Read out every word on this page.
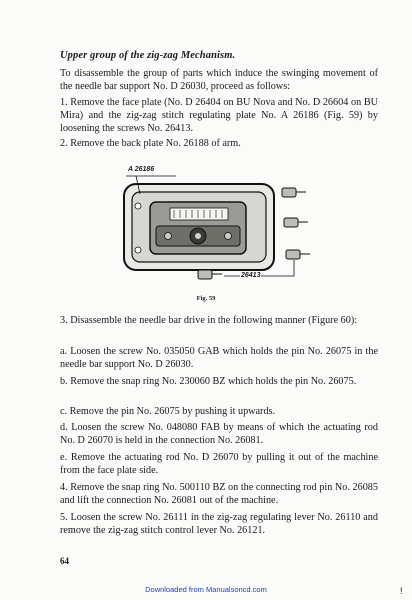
Upper group of the zig-zag Mechanism.
To disassemble the group of parts which induce the swinging movement of the needle bar support No. D 26030, proceed as follows:
1. Remove the face plate (No. D 26404 on BU Nova and No. D 26604 on BU Mira) and the zig-zag stitch regulating plate No. A 26186 (Fig. 59) by loosening the screws No. 26413.
2. Remove the back plate No. 26188 of arm.
A 26186
26413
Fig. 59
3. Disassemble the needle bar drive in the following manner (Figure 60):
a. Loosen the screw No. 035050 GAB which holds the pin No. 26075 in the needle bar support No. D 26030.
b. Remove the snap ring No. 230060 BZ which holds the pin No. 26075.
c. Remove the pin No. 26075 by pushing it upwards.
d. Loosen the screw No. 048080 FAB by means of which the actuating rod No. D 26070 is held in the connection No. 26081.
e. Remove the actuating rod No. D 26070 by pulling it out of the machine from the face plate side.
4. Remove the snap ring No. 500110 BZ on the connecting rod pin No. 26085 and lift the connection No. 26081 out of the machine.
5. Loosen the screw No. 26111 in the zig-zag regulating lever No. 26110 and remove the zig-zag stitch control lever No. 26121.
64
Downloaded from Manualsoncd.com	!
